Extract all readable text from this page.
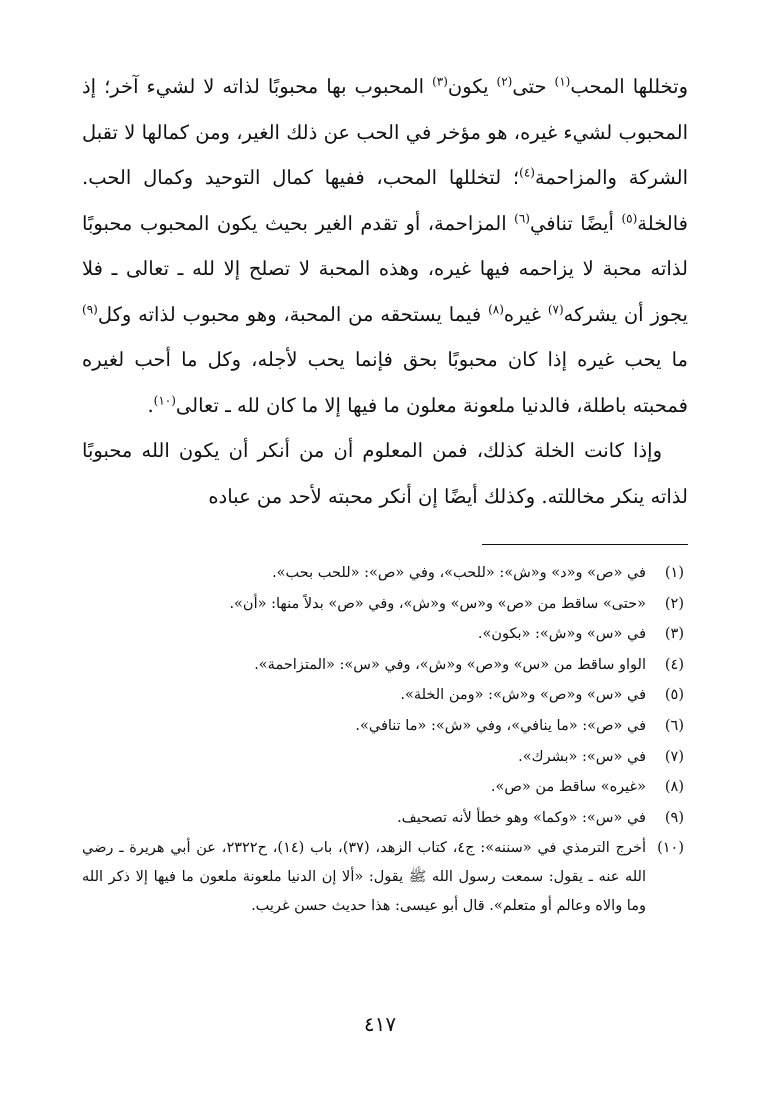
وتخللها المحب$^{(١)}$ حتى$^{(٢)}$ يكون$^{(٣)}$ المحبوب بها محبوبًا لذاته لا لشيء آخر؛ إذ المحبوب لشيء غيره، هو مؤخر في الحب عن ذلك الغير، ومن كمالها لا تقبل الشركة والمزاحمة$^{(٤)}$؛ لتخللها المحب، ففيها كمال التوحيد وكمال الحب. فالخلة$^{(٥)}$ أيضًا تنافي$^{(٦)}$ المزاحمة، أو تقدم الغير بحيث يكون المحبوب محبوبًا لذاته محبة لا يزاحمه فيها غيره، وهذه المحبة لا تصلح إلا لله ـ تعالى ـ فلا يجوز أن يشركه$^{(٧)}$ غيره$^{(٨)}$ فيما يستحقه من المحبة، وهو محبوب لذاته وكل$^{(٩)}$ ما يحب غيره إذا كان محبوبًا بحق فإنما يحب لأجله، وكل ما أحب لغيره فمحبته باطلة، فالدنيا ملعونة معلون ما فيها إلا ما كان لله ـ تعالى$^{(١٠)}$.

وإذا كانت الخلة كذلك، فمن المعلوم أن من أنكر أن يكون الله محبوبًا لذاته ينكر مخاللته. وكذلك أيضًا إن أنكر محبته لأحد من عباده

(١)
في «ص» و«د» و«ش»: «للحب»، وفي «ص»: «للحب بحب».
(٢)
«حتى» ساقط من «ص» و«س» و«ش»، وفي «ص» بدلاً منها: «أن».
(٣)
في «س» و«ش»: «بكون».
(٤)
الواو ساقط من «س» و«ص» و«ش»، وفي «س»: «المتزاحمة».
(٥)
في «س» و«ص» و«ش»: «ومن الخلة».
(٦)
في «ص»: «ما ينافي»، وفي «ش»: «ما تنافي».
(٧)
في «س»: «بشرك».
(٨)
«غيره» ساقط من «ص».
(٩)
في «س»: «وكما» وهو خطأ لأنه تصحيف.
(١٠)
أخرج الترمذي في «سننه»: ج٤، كتاب الزهد، (٣٧)، باب (١٤)، ح٢٣٢٢، عن أبي هريرة ـ رضي الله عنه ـ يقول: سمعت رسول الله ﷺ يقول: «ألا إن الدنيا ملعونة ملعون ما فيها إلا ذكر الله وما والاه وعالم أو متعلم». قال أبو عيسى: هذا حديث حسن غريب.
٤١٧
